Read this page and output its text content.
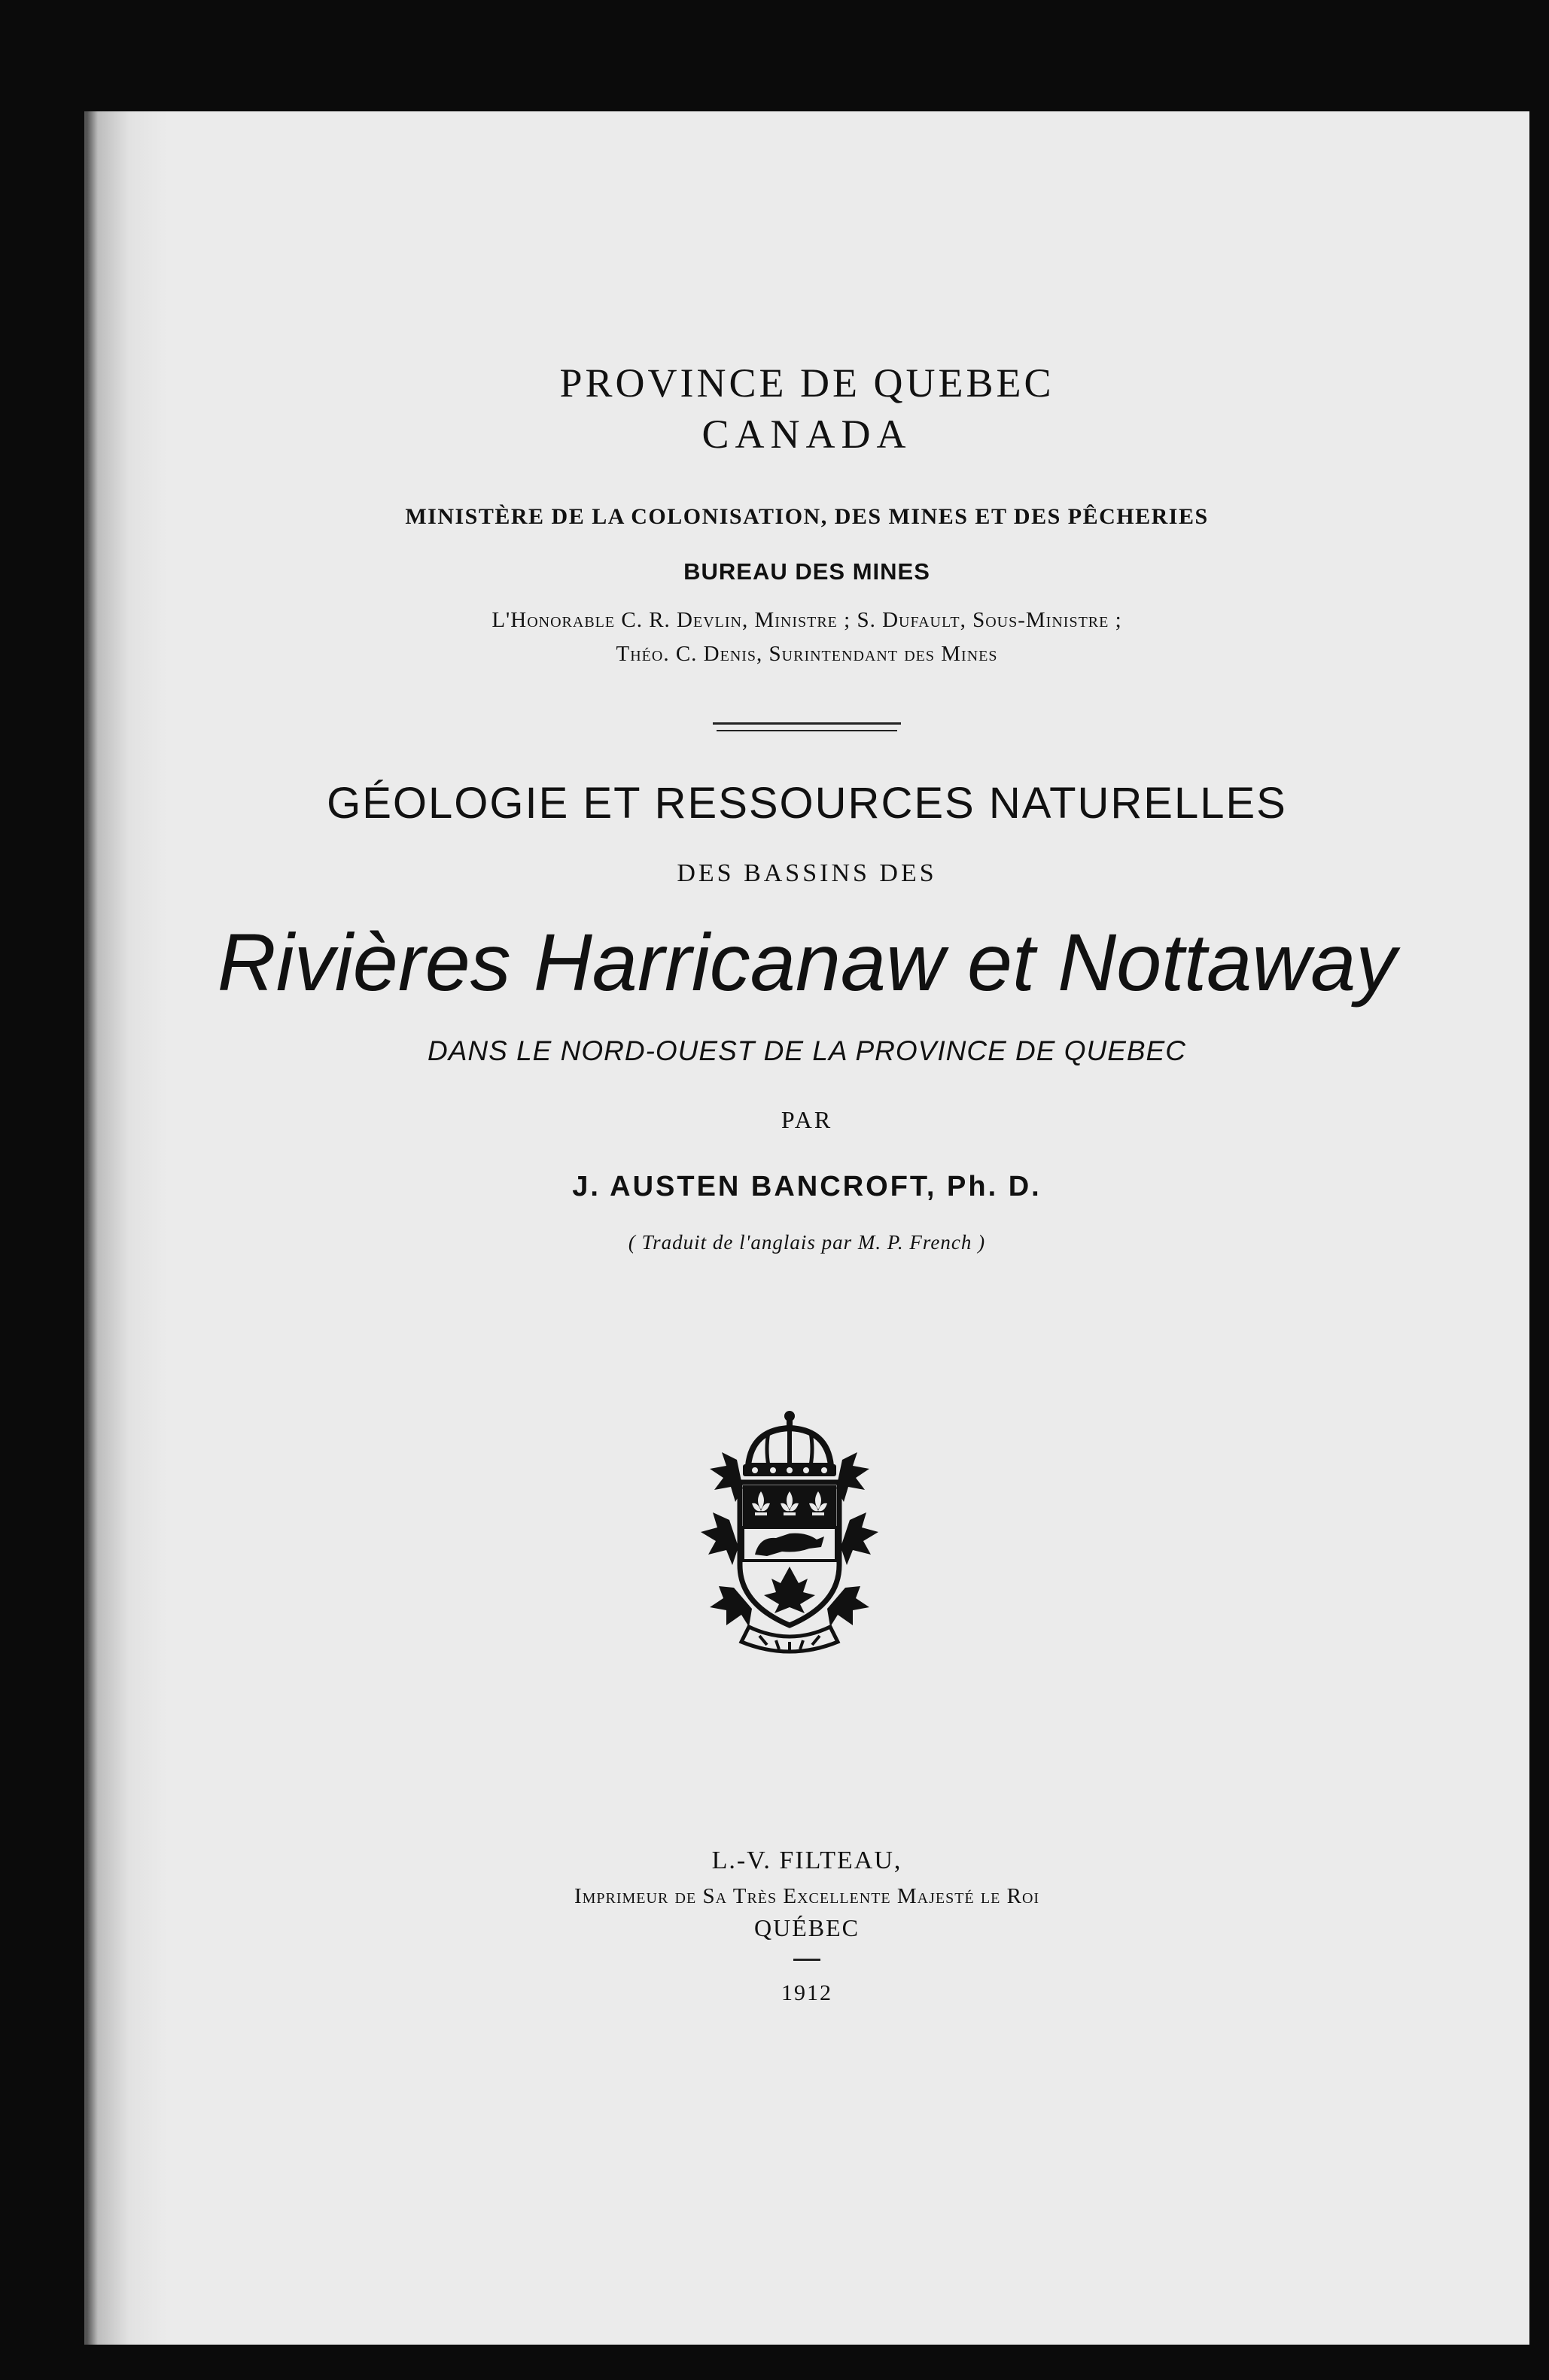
PROVINCE DE QUEBEC
CANADA
MINISTÈRE DE LA COLONISATION, DES MINES ET DES PÊCHERIES
BUREAU DES MINES
L'Honorable C. R. Devlin, Ministre ; S. Dufault, Sous-Ministre ;
Théo. C. Denis, Surintendant des Mines
GÉOLOGIE ET RESSOURCES NATURELLES
DES BASSINS DES
Rivières Harricanaw et Nottaway
DANS LE NORD-OUEST DE LA PROVINCE DE QUEBEC
PAR
J. AUSTEN BANCROFT, Ph. D.
( Traduit de l'anglais par M. P. French )
L.-V. FILTEAU,
Imprimeur de Sa Très Excellente Majesté le Roi
QUÉBEC
1912
